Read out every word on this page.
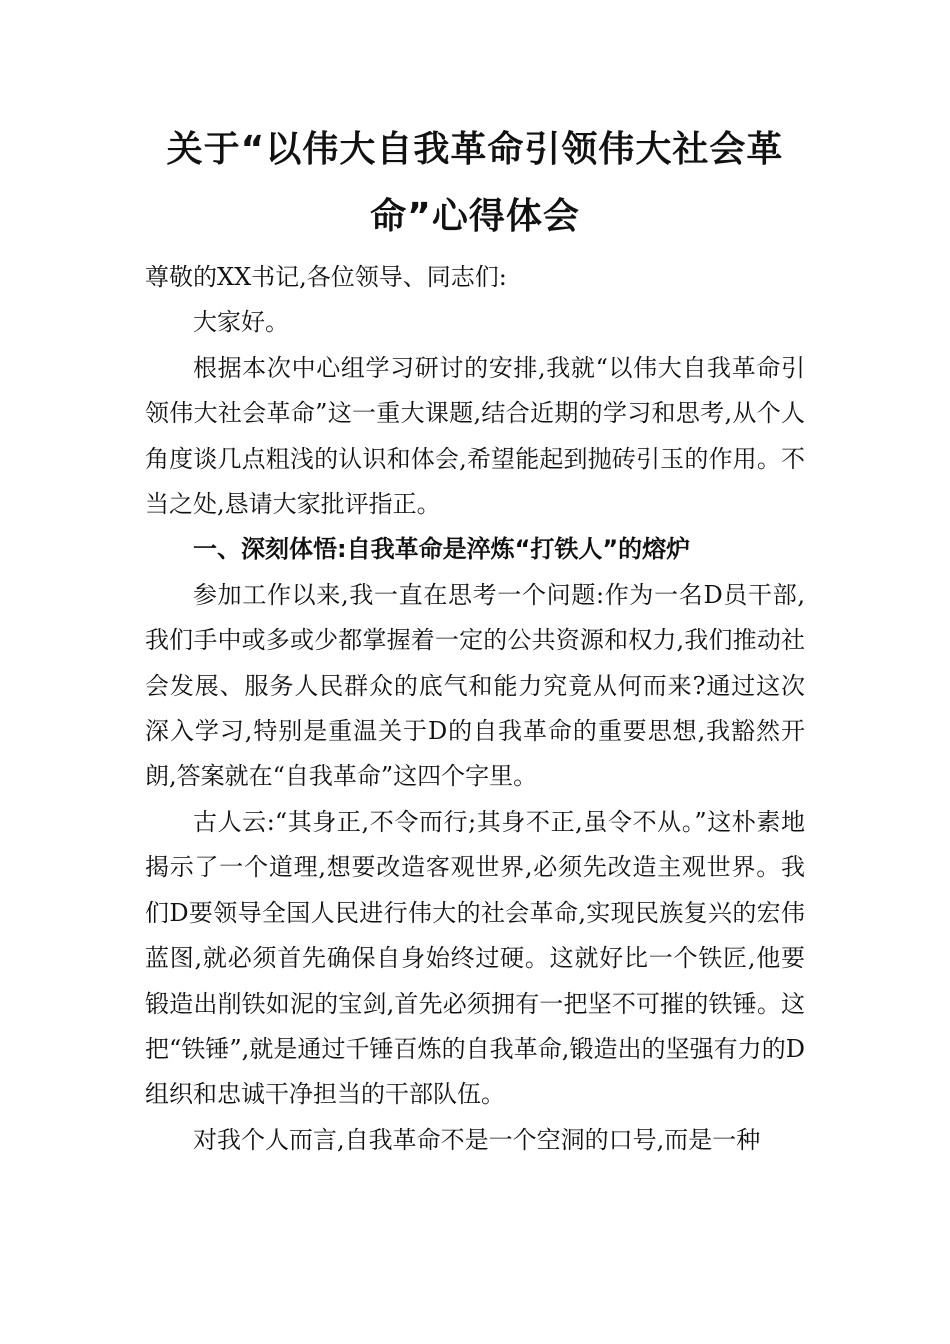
关于“以伟大自我革命引领伟大社会革
命”心得体会

尊敬的XX书记,各位领导、同志们:

大家好。

根据本次中心组学习研讨的安排,我就“以伟大自我革命引领伟大社会革命”这一重大课题,结合近期的学习和思考,从个人角度谈几点粗浅的认识和体会,希望能起到抛砖引玉的作用。不当之处,恳请大家批评指正。

一、深刻体悟:自我革命是淬炼“打铁人”的熔炉

参加工作以来,我一直在思考一个问题:作为一名D员干部,我们手中或多或少都掌握着一定的公共资源和权力,我们推动社会发展、服务人民群众的底气和能力究竟从何而来?通过这次深入学习,特别是重温关于D的自我革命的重要思想,我豁然开朗,答案就在“自我革命”这四个字里。

古人云:“其身正,不令而行;其身不正,虽令不从。”这朴素地揭示了一个道理,想要改造客观世界,必须先改造主观世界。我们D要领导全国人民进行伟大的社会革命,实现民族复兴的宏伟蓝图,就必须首先确保自身始终过硬。这就好比一个铁匠,他要锻造出削铁如泥的宝剑,首先必须拥有一把坚不可摧的铁锤。这把“铁锤”,就是通过千锤百炼的自我革命,锻造出的坚强有力的D组织和忠诚干净担当的干部队伍。

对我个人而言,自我革命不是一个空洞的口号,而是一种
